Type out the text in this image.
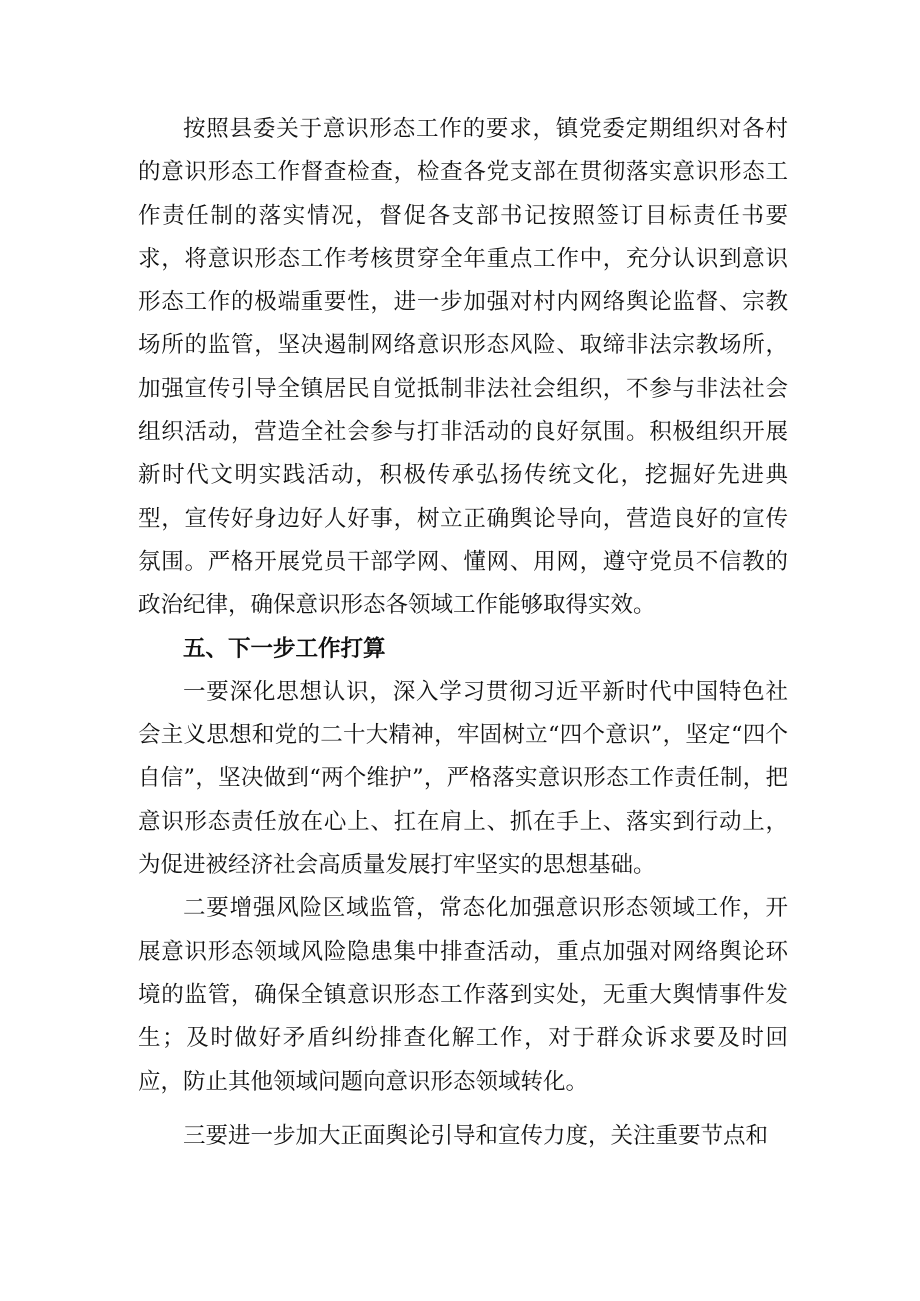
按照县委关于意识形态工作的要求，镇党委定期组织对各村的意识形态工作督查检查，检查各党支部在贯彻落实意识形态工作责任制的落实情况，督促各支部书记按照签订目标责任书要求，将意识形态工作考核贯穿全年重点工作中，充分认识到意识形态工作的极端重要性，进一步加强对村内网络舆论监督、宗教场所的监管，坚决遏制网络意识形态风险、取缔非法宗教场所，加强宣传引导全镇居民自觉抵制非法社会组织，不参与非法社会组织活动，营造全社会参与打非活动的良好氛围。积极组织开展新时代文明实践活动，积极传承弘扬传统文化，挖掘好先进典型，宣传好身边好人好事，树立正确舆论导向，营造良好的宣传氛围。严格开展党员干部学网、懂网、用网，遵守党员不信教的政治纪律，确保意识形态各领域工作能够取得实效。

五、下一步工作打算

一要深化思想认识，深入学习贯彻习近平新时代中国特色社会主义思想和党的二十大精神，牢固树立“四个意识”，坚定“四个自信”，坚决做到“两个维护”，严格落实意识形态工作责任制，把意识形态责任放在心上、扛在肩上、抓在手上、落实到行动上，为促进被经济社会高质量发展打牢坚实的思想基础。

二要增强风险区域监管，常态化加强意识形态领域工作，开展意识形态领域风险隐患集中排查活动，重点加强对网络舆论环境的监管，确保全镇意识形态工作落到实处，无重大舆情事件发生；及时做好矛盾纠纷排查化解工作，对于群众诉求要及时回应，防止其他领域问题向意识形态领域转化。

三要进一步加大正面舆论引导和宣传力度，关注重要节点和
